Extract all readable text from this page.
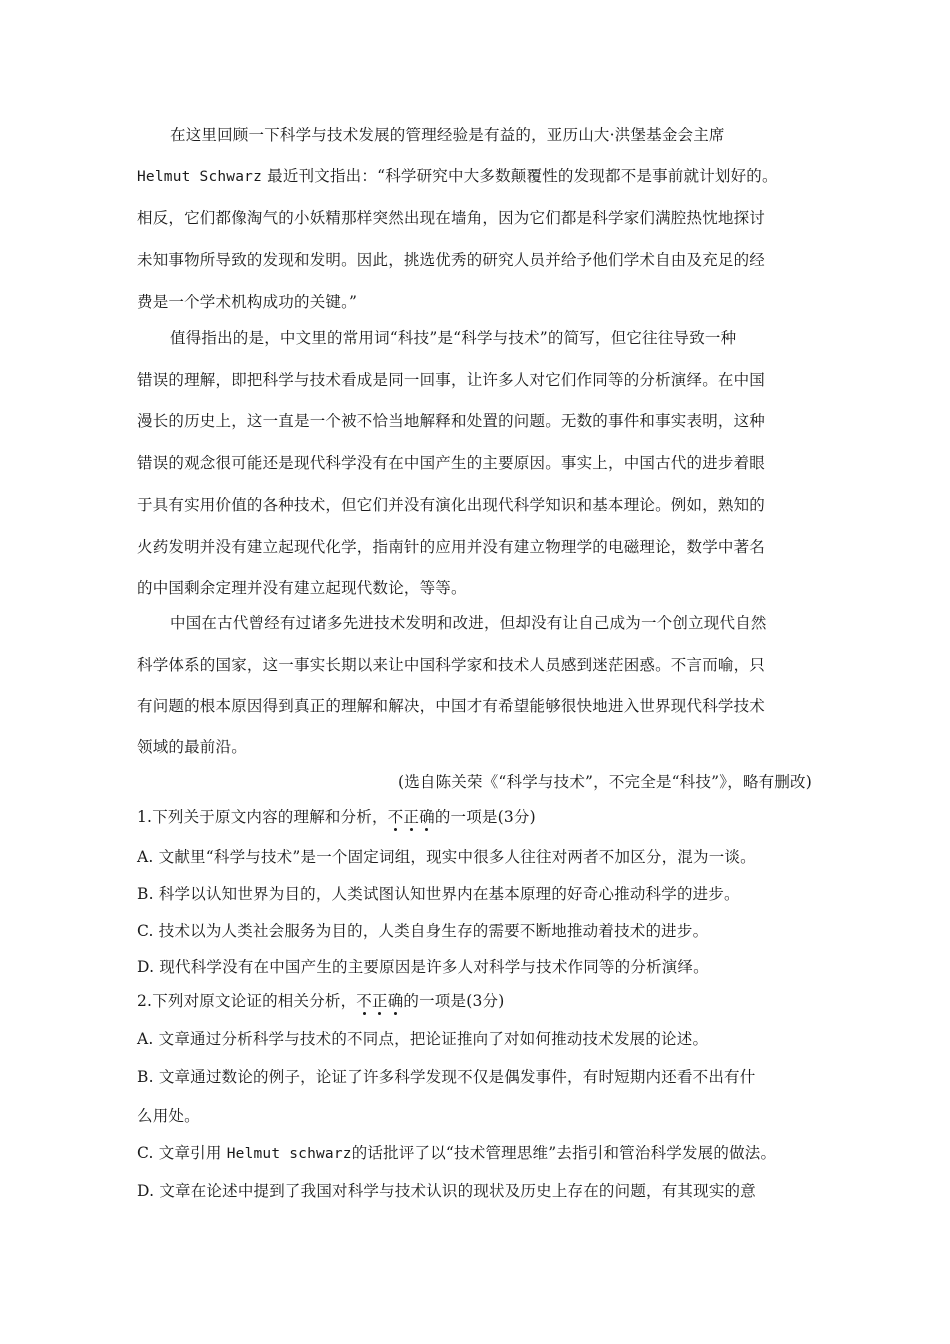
在这里回顾一下科学与技术发展的管理经验是有益的，亚历山大·洪堡基金会主席
Helmut Schwarz 最近刊文指出：“科学研究中大多数颠覆性的发现都不是事前就计划好的。
相反，它们都像淘气的小妖精那样突然出现在墙角，因为它们都是科学家们满腔热忱地探讨
未知事物所导致的发现和发明。因此，挑选优秀的研究人员并给予他们学术自由及充足的经
费是一个学术机构成功的关键。”
值得指出的是，中文里的常用词“科技”是“科学与技术”的简写，但它往往导致一种
错误的理解，即把科学与技术看成是同一回事，让许多人对它们作同等的分析演绎。在中国
漫长的历史上，这一直是一个被不恰当地解释和处置的问题。无数的事件和事实表明，这种
错误的观念很可能还是现代科学没有在中国产生的主要原因。事实上，中国古代的进步着眼
于具有实用价值的各种技术，但它们并没有演化出现代科学知识和基本理论。例如，熟知的
火药发明并没有建立起现代化学，指南针的应用并没有建立物理学的电磁理论，数学中著名
的中国剩余定理并没有建立起现代数论，等等。
中国在古代曾经有过诸多先进技术发明和改进，但却没有让自己成为一个创立现代自然
科学体系的国家，这一事实长期以来让中国科学家和技术人员感到迷茫困惑。不言而喻，只
有问题的根本原因得到真正的理解和解决，中国才有希望能够很快地进入世界现代科学技术
领域的最前沿。
(选自陈关荣《“科学与技术”，不完全是“科技”》，略有删改)
1.下列关于原文内容的理解和分析，不正确的一项是(3分)
A. 文献里“科学与技术”是一个固定词组，现实中很多人往往对两者不加区分，混为一谈。
B. 科学以认知世界为目的，人类试图认知世界内在基本原理的好奇心推动科学的进步。
C. 技术以为人类社会服务为目的，人类自身生存的需要不断地推动着技术的进步。
D. 现代科学没有在中国产生的主要原因是许多人对科学与技术作同等的分析演绎。
2.下列对原文论证的相关分析，不正确的一项是(3分)
A. 文章通过分析科学与技术的不同点，把论证推向了对如何推动技术发展的论述。
B. 文章通过数论的例子，论证了许多科学发现不仅是偶发事件，有时短期内还看不出有什
么用处。
C. 文章引用 Helmut schwarz的话批评了以“技术管理思维”去指引和管治科学发展的做法。
D. 文章在论述中提到了我国对科学与技术认识的现状及历史上存在的问题，有其现实的意
